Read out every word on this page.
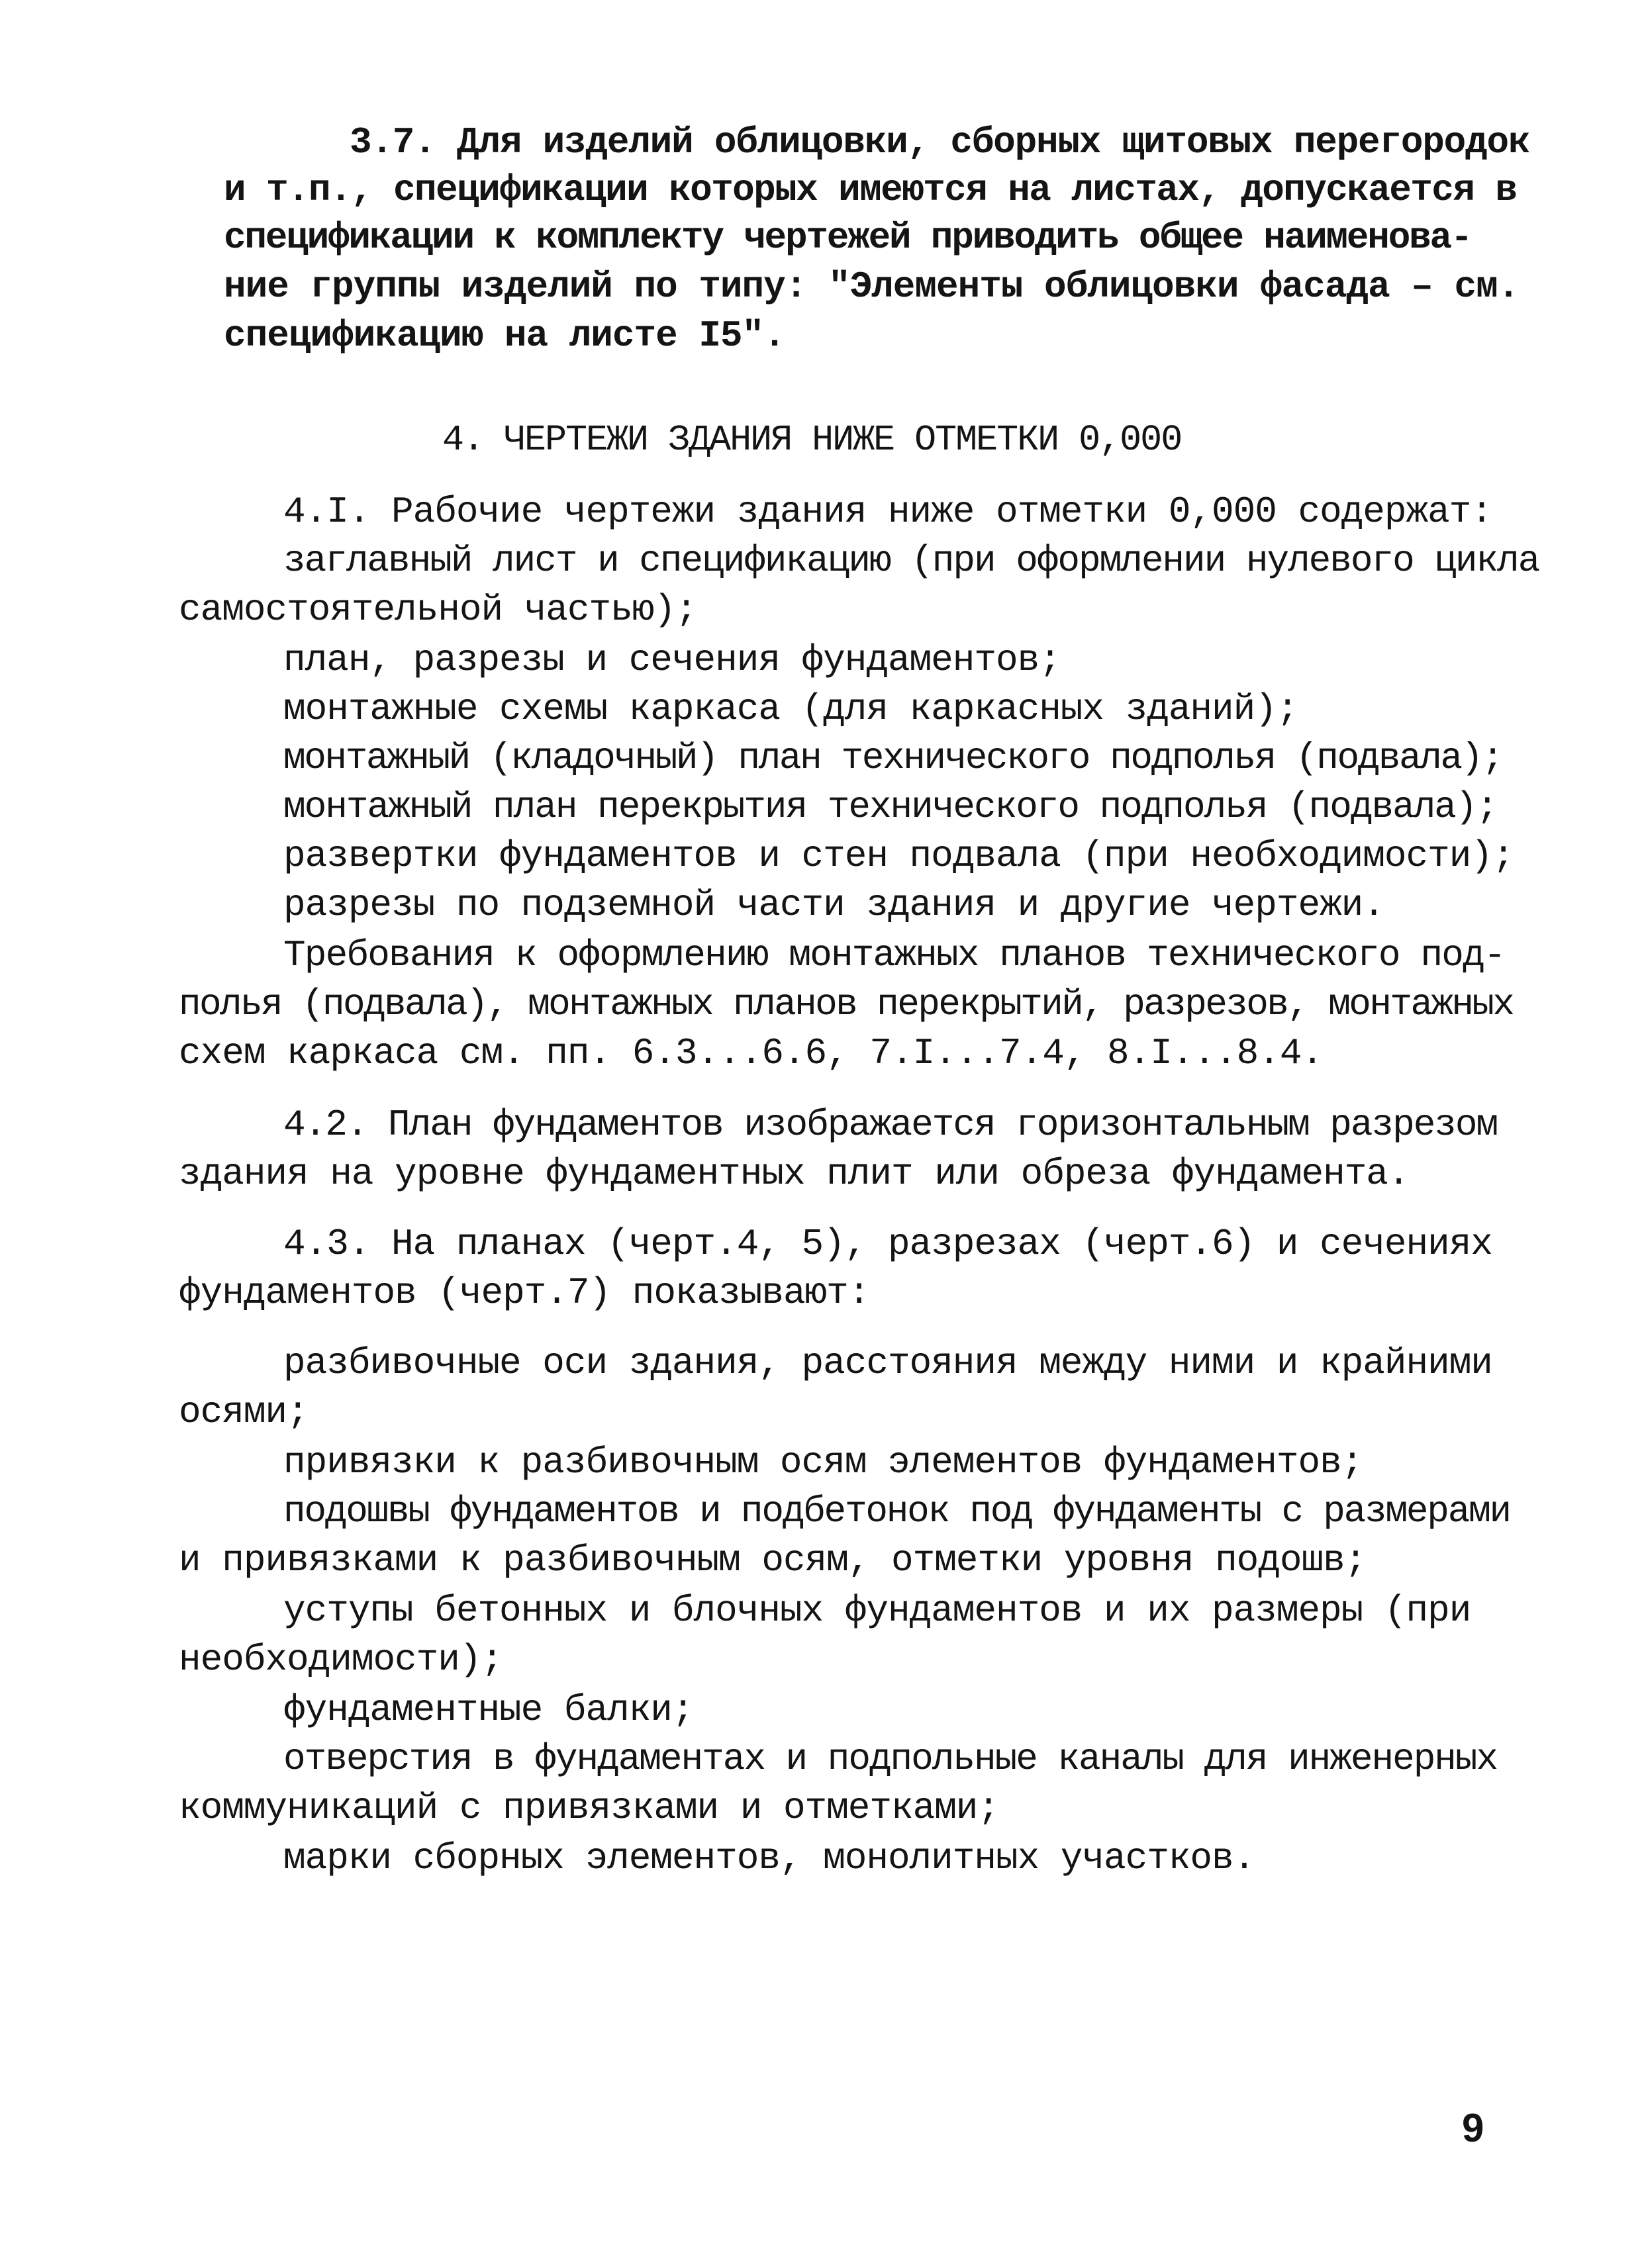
3.7. Для изделий облицовки, сборных щитовых перегородок

и т.п., спецификации которых имеются на листах, допускается в

спецификации к комплекту чертежей приводить общее наименова-

ние группы изделий по типу: "Элементы облицовки фасада – см.

спецификацию на листе I5".

4. ЧЕРТЕЖИ ЗДАНИЯ НИЖЕ ОТМЕТКИ 0,000

4.I. Рабочие чертежи здания ниже отметки 0,000 содержат:

заглавный лист и спецификацию (при оформлении нулевого цикла

самостоятельной частью);

план, разрезы и сечения фундаментов;

монтажные схемы каркаса (для каркасных зданий);

монтажный (кладочный) план технического подполья (подвала);

монтажный план перекрытия технического подполья (подвала);

развертки фундаментов и стен подвала (при необходимости);

разрезы по подземной части здания и другие чертежи.

Требования к оформлению монтажных планов технического под-

полья (подвала), монтажных планов перекрытий, разрезов, монтажных

схем каркаса см. пп. 6.3...6.6, 7.I...7.4, 8.I...8.4.

4.2. План фундаментов изображается горизонтальным разрезом

здания на уровне фундаментных плит или обреза фундамента.

4.3. На планах (черт.4, 5), разрезах (черт.6) и сечениях

фундаментов (черт.7) показывают:

разбивочные оси здания, расстояния между ними и крайними

осями;

привязки к разбивочным осям элементов фундаментов;

подошвы фундаментов и подбетонок под фундаменты с размерами

и привязками к разбивочным осям, отметки уровня подошв;

уступы бетонных и блочных фундаментов и их размеры (при

необходимости);

фундаментные балки;

отверстия в фундаментах и подпольные каналы для инженерных

коммуникаций с привязками и отметками;

марки сборных элементов, монолитных участков.

9
